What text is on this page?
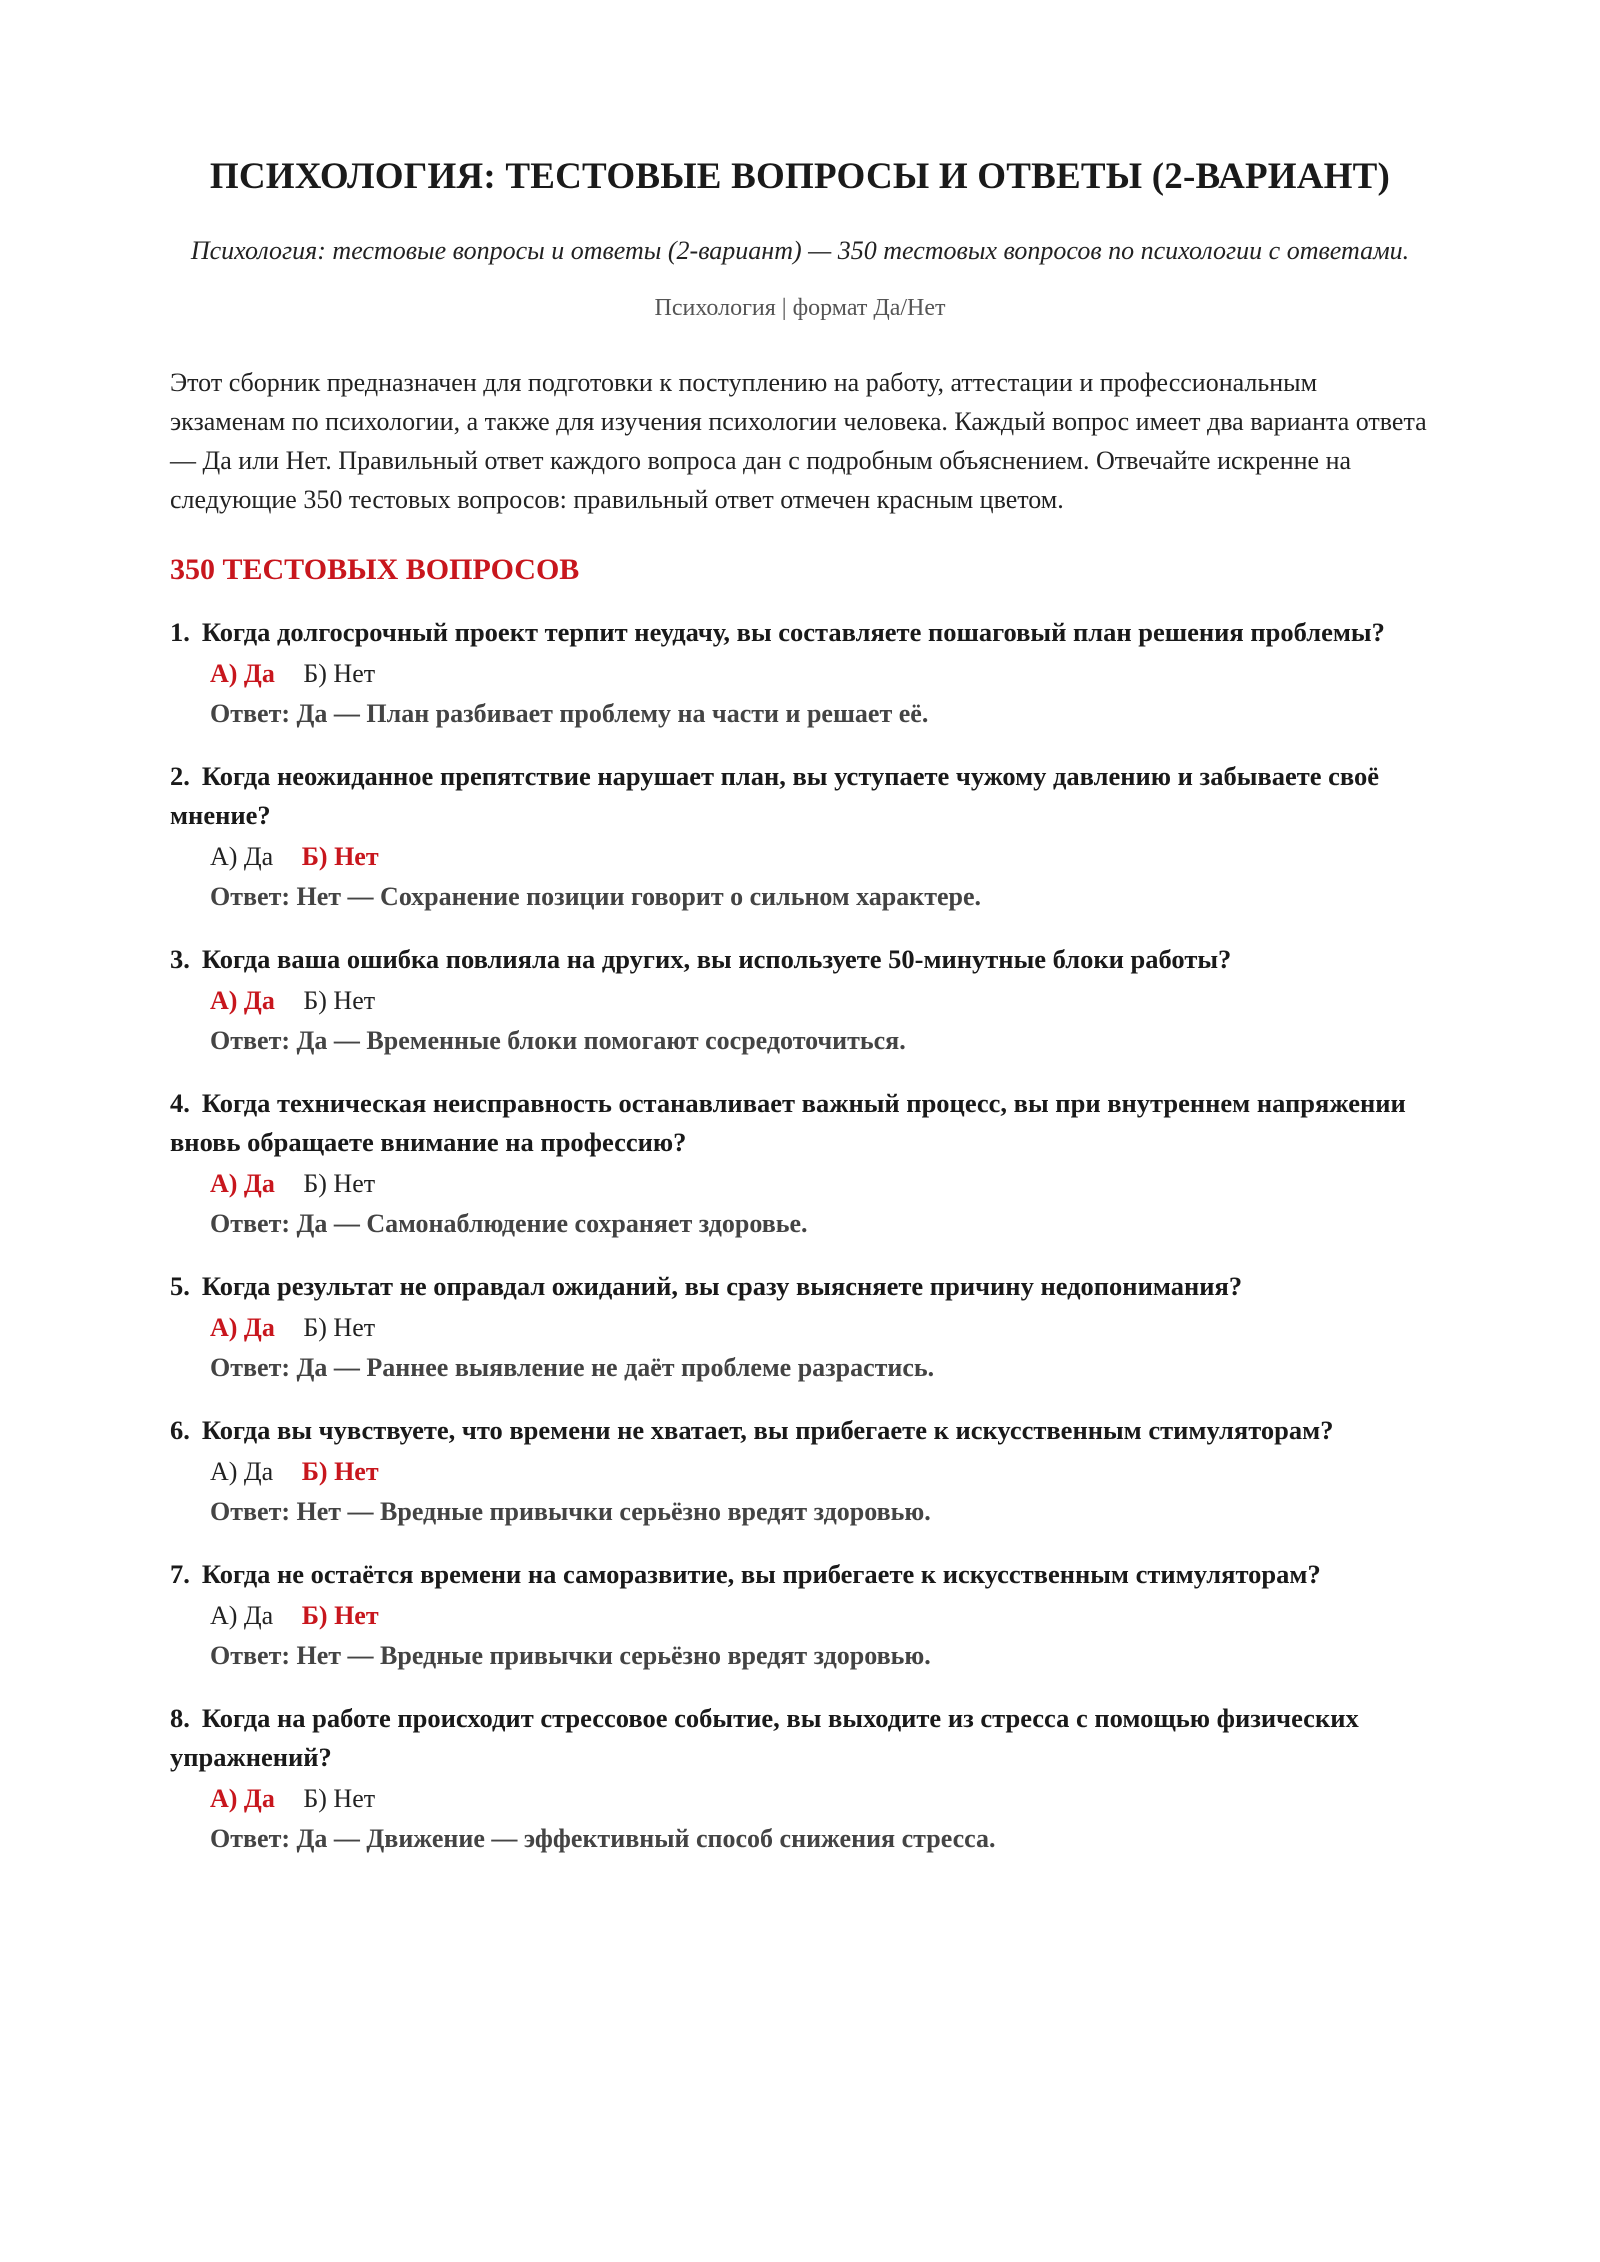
ПСИХОЛОГИЯ: ТЕСТОВЫЕ ВОПРОСЫ И ОТВЕТЫ (2-ВАРИАНТ)

Психология: тестовые вопросы и ответы (2-вариант) — 350 тестовых вопросов по психологии с ответами.

Психология | формат Да/Нет

Этот сборник предназначен для подготовки к поступлению на работу, аттестации и профессиональным экзаменам по психологии, а также для изучения психологии человека. Каждый вопрос имеет два варианта ответа — Да или Нет. Правильный ответ каждого вопроса дан с подробным объяснением. Отвечайте искренне на следующие 350 тестовых вопросов: правильный ответ отмечен красным цветом.

350 ТЕСТОВЫХ ВОПРОСОВ

1. Когда долгосрочный проект терпит неудачу, вы составляете пошаговый план решения проблемы?

А) Да Б) Нет
Ответ: Да — План разбивает проблему на части и решает её.

2. Когда неожиданное препятствие нарушает план, вы уступаете чужому давлению и забываете своё мнение?

А) Да Б) Нет
Ответ: Нет — Сохранение позиции говорит о сильном характере.

3. Когда ваша ошибка повлияла на других, вы используете 50-минутные блоки работы?

А) Да Б) Нет
Ответ: Да — Временные блоки помогают сосредоточиться.

4. Когда техническая неисправность останавливает важный процесс, вы при внутреннем напряжении вновь обращаете внимание на профессию?

А) Да Б) Нет
Ответ: Да — Самонаблюдение сохраняет здоровье.

5. Когда результат не оправдал ожиданий, вы сразу выясняете причину недопонимания?

А) Да Б) Нет
Ответ: Да — Раннее выявление не даёт проблеме разрастись.

6. Когда вы чувствуете, что времени не хватает, вы прибегаете к искусственным стимуляторам?

А) Да Б) Нет
Ответ: Нет — Вредные привычки серьёзно вредят здоровью.

7. Когда не остаётся времени на саморазвитие, вы прибегаете к искусственным стимуляторам?

А) Да Б) Нет
Ответ: Нет — Вредные привычки серьёзно вредят здоровью.

8. Когда на работе происходит стрессовое событие, вы выходите из стресса с помощью физических упражнений?

А) Да Б) Нет
Ответ: Да — Движение — эффективный способ снижения стресса.
